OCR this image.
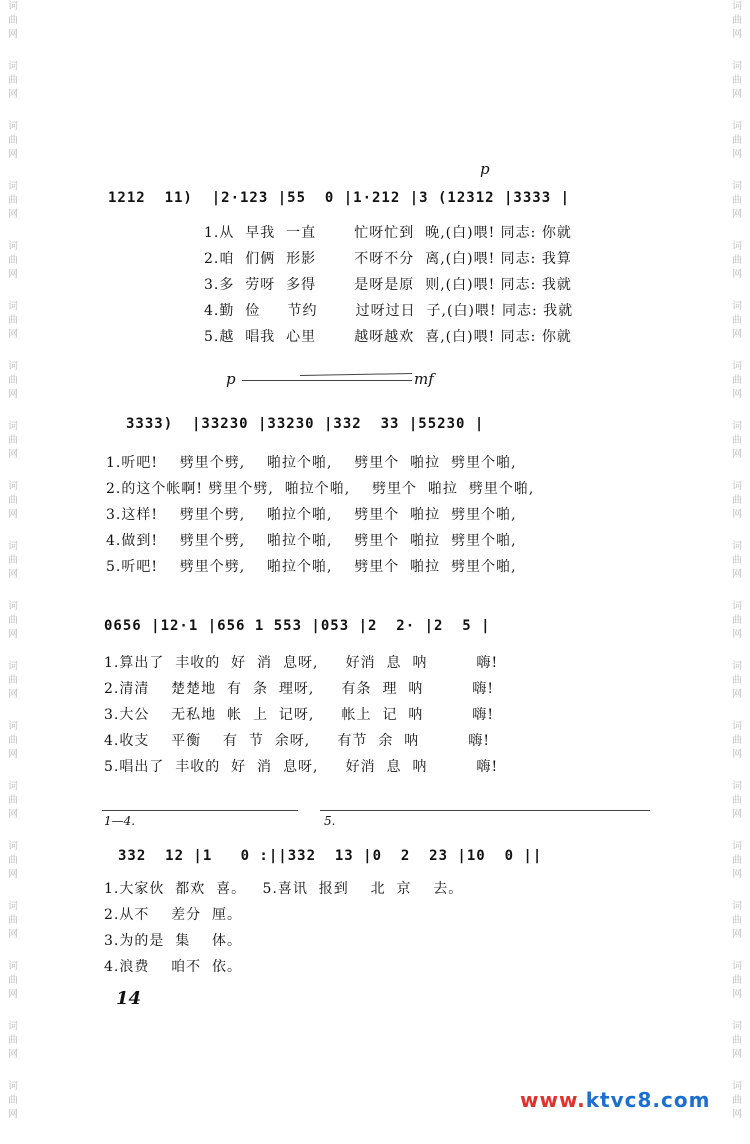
词
曲
网
词
曲
网
词
曲
网
词
曲
网
词
曲
网
词
曲
网
词
曲
网
词
曲
网
词
曲
网
词
曲
网
词
曲
网
词
曲
网
词
曲
网
词
曲
网
词
曲
网
词
曲
网
词
曲
网
词
曲
网
词
曲
网
词
曲
网
词
曲
网
词
曲
网
词
曲
网
词
曲
网
词
曲
网
词
曲
网
词
曲
网
词
曲
网
词
曲
网
词
曲
网
词
曲
网
词
曲
网
词
曲
网
词
曲
网
词
曲
网
词
曲
网
词
曲
网
词
曲
网
p
1212  11)  |2·123 |55  0 |1·212 |3 (12312 |3333 |
1.从  早我  一直       忙呀忙到  晚,(白)喂! 同志: 你就
2.咱  们俩  形影       不呀不分  离,(白)喂! 同志: 我算
3.多  劳呀  多得       是呀是原  则,(白)喂! 同志: 我就
4.勤  俭     节约       过呀过日  子,(白)喂! 同志: 我就
5.越  唱我  心里       越呀越欢  喜,(白)喂! 同志: 你就
p	mf
3333)  |33230 |33230 |332  33 |55230 |
1.听吧!    劈里个劈,    啪拉个啪,    劈里个  啪拉  劈里个啪,
2.的这个帐啊! 劈里个劈,  啪拉个啪,    劈里个  啪拉  劈里个啪,
3.这样!    劈里个劈,    啪拉个啪,    劈里个  啪拉  劈里个啪,
4.做到!    劈里个劈,    啪拉个啪,    劈里个  啪拉  劈里个啪,
5.听吧!    劈里个劈,    啪拉个啪,    劈里个  啪拉  劈里个啪,
0656 |12·1 |656 1 553 |053 |2  2· |2  5 |
1.算出了  丰收的  好  消  息呀,     好消  息  呐         嗨!
2.清清    楚楚地  有  条  理呀,     有条  理  呐         嗨!
3.大公    无私地  帐  上  记呀,     帐上  记  呐         嗨!
4.收支    平衡    有  节  余呀,     有节  余  呐         嗨!
5.唱出了  丰收的  好  消  息呀,     好消  息  呐         嗨!
1—4.	5.
332  12 |1   0 :||332  13 |0  2  23 |10  0 ||
1.大家伙  都欢  喜。   5.喜讯  报到    北  京    去。
2.从不    差分  厘。
3.为的是  集    体。
4.浪费    咱不  依。
14
www.ktvc8.com
